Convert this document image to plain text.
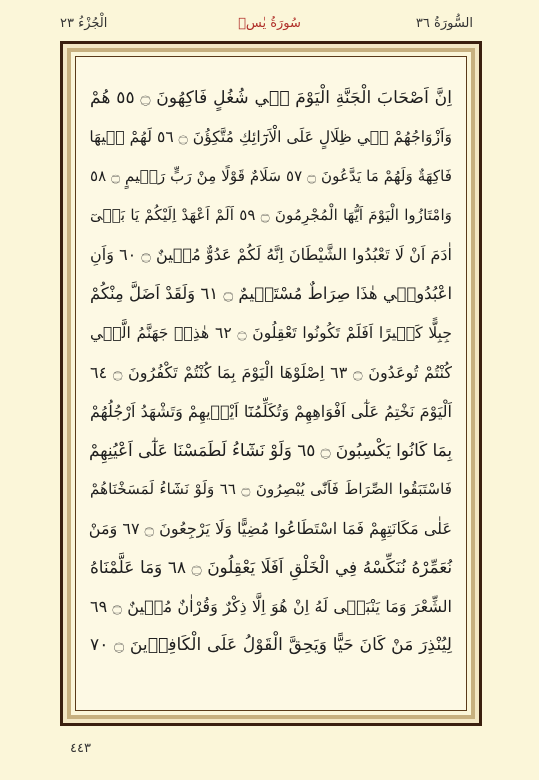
السُّورَةُ ٣٦
سُورَةُ يٰسۤ
الْجُزْءُ ٢٣
اِنَّ اَصْحَابَ الْجَنَّةِ الْيَوْمَ فٖي شُغُلٍ فَاكِهُونَ ۝ ٥٥ هُمْ
وَاَزْوَاجُهُمْ فٖي ظِلَالٍ عَلَى الْاَرَٓائِكِ مُتَّكِؤُنَ ۝ ٥٦ لَهُمْ فٖيهَا
فَاكِهَةٌ وَلَهُمْ مَا يَدَّعُونَ ۝ ٥٧ سَلَامٌ قَوْلًا مِنْ رَبٍّ رَحٖيمٍ ۝ ٥٨
وَامْتَازُوا الْيَوْمَ اَيُّهَا الْمُجْرِمُونَ ۝ ٥٩ اَلَمْ اَعْهَدْ اِلَيْكُمْ يَا بَنٖىٓ
اٰدَمَ اَنْ لَا تَعْبُدُوا الشَّيْطَانَ اِنَّهُ لَكُمْ عَدُوٌّ مُبٖينٌ ۝ ٦٠ وَاَنِ
اعْبُدُونٖي هٰذَا صِرَاطٌ مُسْتَقٖيمٌ ۝ ٦١ وَلَقَدْ اَضَلَّ مِنْكُمْ
جِبِلًّا كَثٖيرًا اَفَلَمْ تَكُونُوا تَعْقِلُونَ ۝ ٦٢ هٰذِهٖ جَهَنَّمُ الَّتٖي
كُنْتُمْ تُوعَدُونَ ۝ ٦٣ اِصْلَوْهَا الْيَوْمَ بِمَا كُنْتُمْ تَكْفُرُونَ ۝ ٦٤
اَلْيَوْمَ نَخْتِمُ عَلٰٓى اَفْوَاهِهِمْ وَتُكَلِّمُنَٓا اَيْدٖيهِمْ وَتَشْهَدُ اَرْجُلُهُمْ
بِمَا كَانُوا يَكْسِبُونَ ۝ ٦٥ وَلَوْ نَشَٓاءُ لَطَمَسْنَا عَلٰٓى اَعْيُنِهِمْ
فَاسْتَبَقُوا الصِّرَاطَ فَاَنّٰى يُبْصِرُونَ ۝ ٦٦ وَلَوْ نَشَٓاءُ لَمَسَخْنَاهُمْ
عَلٰى مَكَانَتِهِمْ فَمَا اسْتَطَاعُوا مُضِيًّا وَلَا يَرْجِعُونَ ۝ ٦٧ وَمَنْ
نُعَمِّرْهُ نُنَكِّسْهُ فِي الْخَلْقِ اَفَلَا يَعْقِلُونَ ۝ ٦٨ وَمَا عَلَّمْنَاهُ
الشِّعْرَ وَمَا يَنْبَغٖى لَهُ اِنْ هُوَ اِلَّا ذِكْرٌ وَقُرْاٰنٌ مُبٖينٌ ۝ ٦٩
لِيُنْذِرَ مَنْ كَانَ حَيًّا وَيَحِقَّ الْقَوْلُ عَلَى الْكَافِرٖينَ ۝ ٧٠
٤٤٣
